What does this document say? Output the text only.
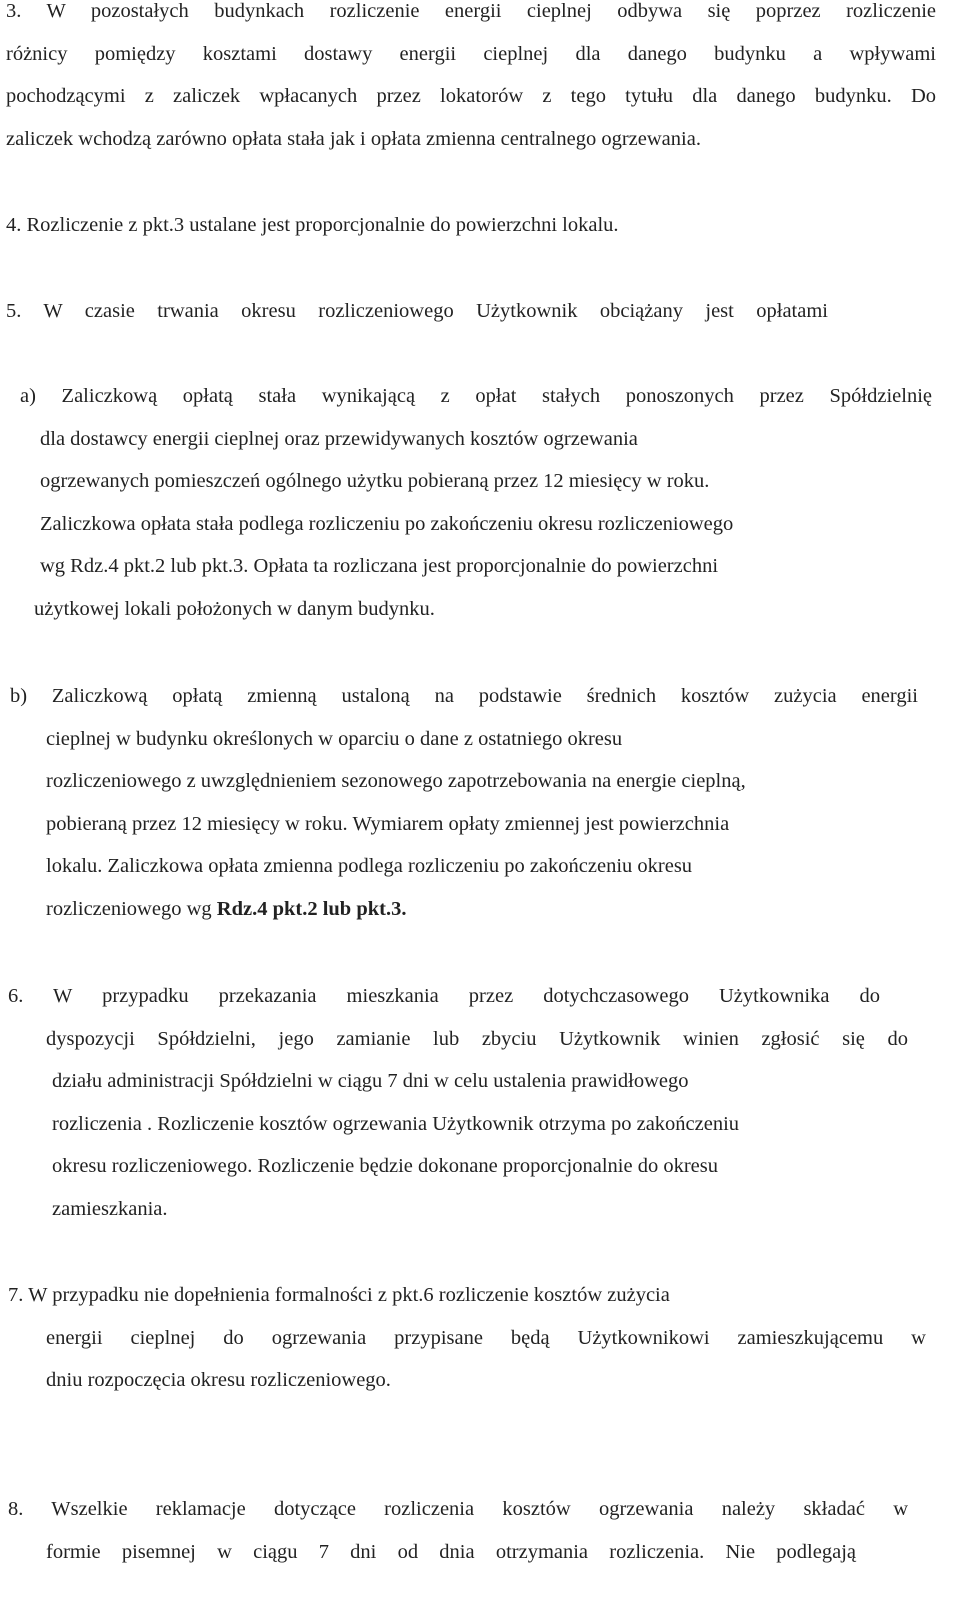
3. W pozostałych budynkach rozliczenie energii cieplnej odbywa się poprzez rozliczenie
różnicy pomiędzy kosztami dostawy energii cieplnej dla danego budynku a wpływami
pochodzącymi z zaliczek wpłacanych przez lokatorów z tego tytułu dla danego budynku. Do
zaliczek wchodzą zarówno opłata stała jak i opłata zmienna centralnego ogrzewania.
4. Rozliczenie z pkt.3 ustalane jest proporcjonalnie do powierzchni lokalu.
5. W czasie trwania okresu rozliczeniowego Użytkownik obciążany jest opłatami
a) Zaliczkową opłatą stała wynikającą z opłat stałych ponoszonych przez Spółdzielnię
dla dostawcy energii cieplnej oraz przewidywanych kosztów ogrzewania
ogrzewanych pomieszczeń ogólnego użytku pobieraną przez 12 miesięcy w roku.
Zaliczkowa opłata stała podlega rozliczeniu po zakończeniu okresu rozliczeniowego
wg Rdz.4 pkt.2 lub pkt.3. Opłata ta rozliczana jest proporcjonalnie do powierzchni
użytkowej lokali położonych w danym budynku.
b) Zaliczkową opłatą zmienną ustaloną na podstawie średnich kosztów zużycia energii
cieplnej w budynku określonych w oparciu o dane z ostatniego okresu
rozliczeniowego z uwzględnieniem sezonowego zapotrzebowania na energie cieplną,
pobieraną przez 12 miesięcy w roku. Wymiarem opłaty zmiennej jest powierzchnia
lokalu. Zaliczkowa opłata zmienna podlega rozliczeniu po zakończeniu okresu
rozliczeniowego wg Rdz.4 pkt.2 lub pkt.3.
6. W przypadku przekazania mieszkania przez dotychczasowego Użytkownika do
dyspozycji Spółdzielni, jego zamianie lub zbyciu Użytkownik winien zgłosić się do
działu administracji Spółdzielni w ciągu 7 dni w celu ustalenia prawidłowego
rozliczenia . Rozliczenie kosztów ogrzewania Użytkownik otrzyma po zakończeniu
okresu rozliczeniowego. Rozliczenie będzie dokonane proporcjonalnie do okresu
zamieszkania.
7. W przypadku nie dopełnienia formalności z pkt.6 rozliczenie kosztów zużycia
energii cieplnej do ogrzewania przypisane będą Użytkownikowi zamieszkującemu w
dniu rozpoczęcia okresu rozliczeniowego.
8. Wszelkie reklamacje dotyczące rozliczenia kosztów ogrzewania należy składać w
formie pisemnej w ciągu 7 dni od dnia otrzymania rozliczenia. Nie podlegają
